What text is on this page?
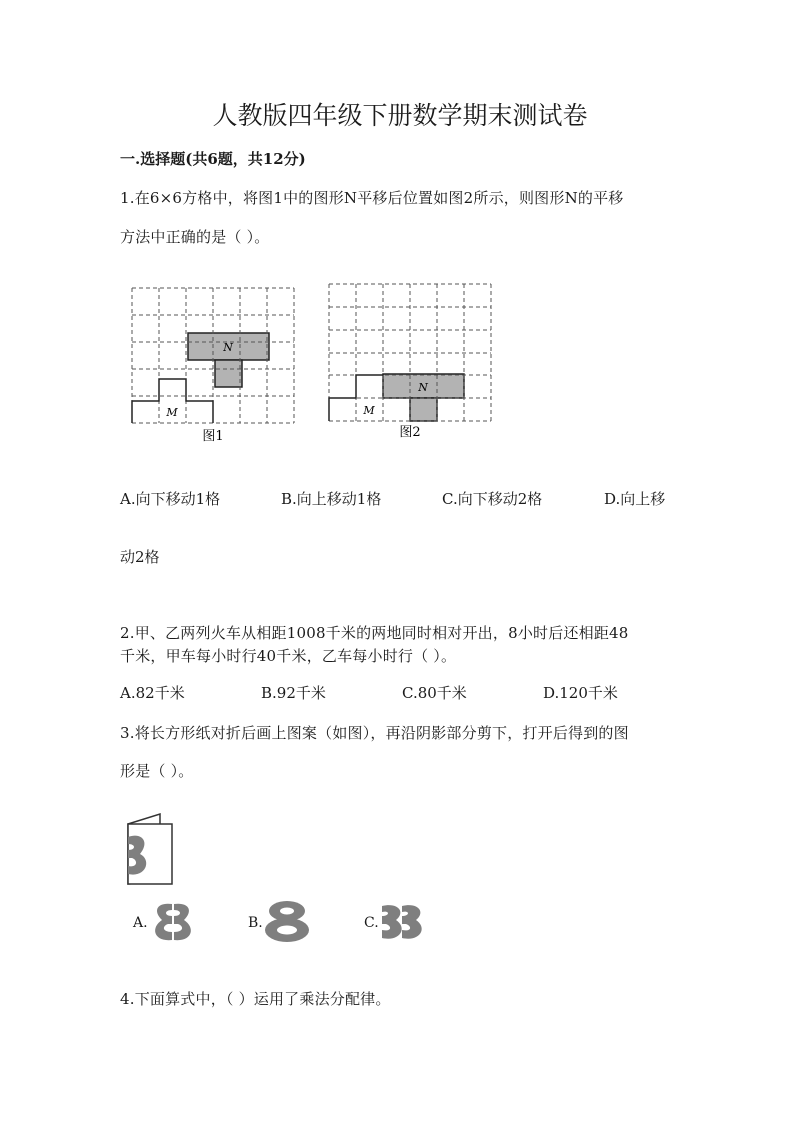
人教版四年级下册数学期末测试卷
一.选择题(共6题，共12分)
1.在6×6方格中，将图1中的图形N平移后位置如图2所示，则图形N的平移
方法中正确的是（ ）。
N
M
图1
N
M
图2
A.向下移动1格	B.向上移动1格	C.向下移动2格	D.向上移
动2格
2.甲、乙两列火车从相距1008千米的两地同时相对开出，8小时后还相距48
千米，甲车每小时行40千米，乙车每小时行（ ）。
A.82千米	B.92千米	C.80千米	D.120千米
3.将长方形纸对折后画上图案（如图），再沿阴影部分剪下，打开后得到的图
形是（ ）。
A.	B.	C.
4.下面算式中，（ ）运用了乘法分配律。
